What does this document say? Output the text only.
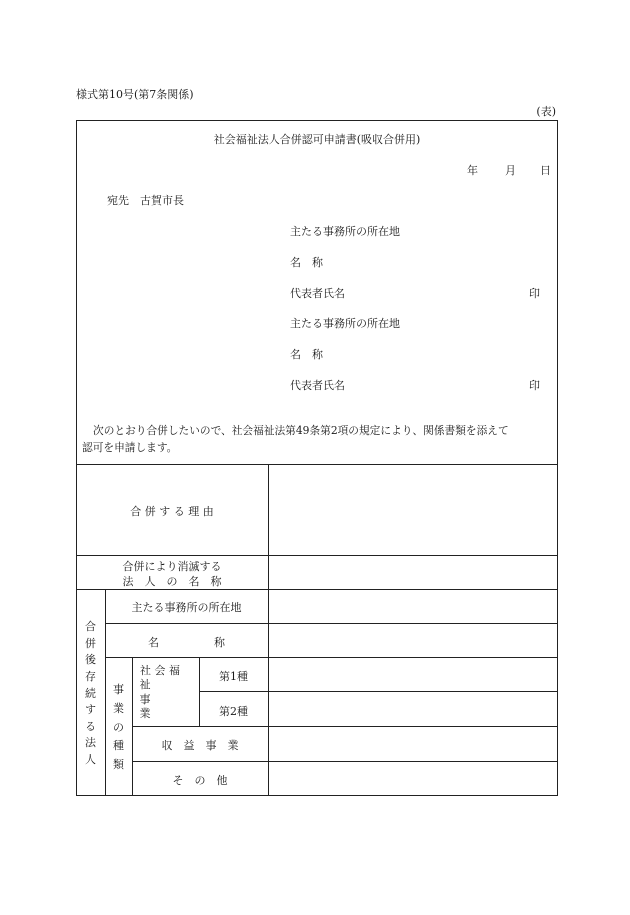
様式第10号(第7条関係)
(表)
社会福祉法人合併認可申請書(吸収合併用)
年 月 日
宛先　古賀市長
主たる事務所の所在地
名　称
代表者氏名	印
主たる事務所の所在地
名　称
代表者氏名	印
次のとおり合併したいので、社会福祉法第49条第2項の規定により、関係書類を添えて
認可を申請します。
合 併 す る 理 由
合併により消滅する
法　人　の　名　称
合
併
後
存
続
す
る
法
人
主たる事務所の所在地
名　　　　　称
事
業
の
種
類
社 会 福
祉
事
業
第1種
第2種
収　益　事　業
そ　の　他
